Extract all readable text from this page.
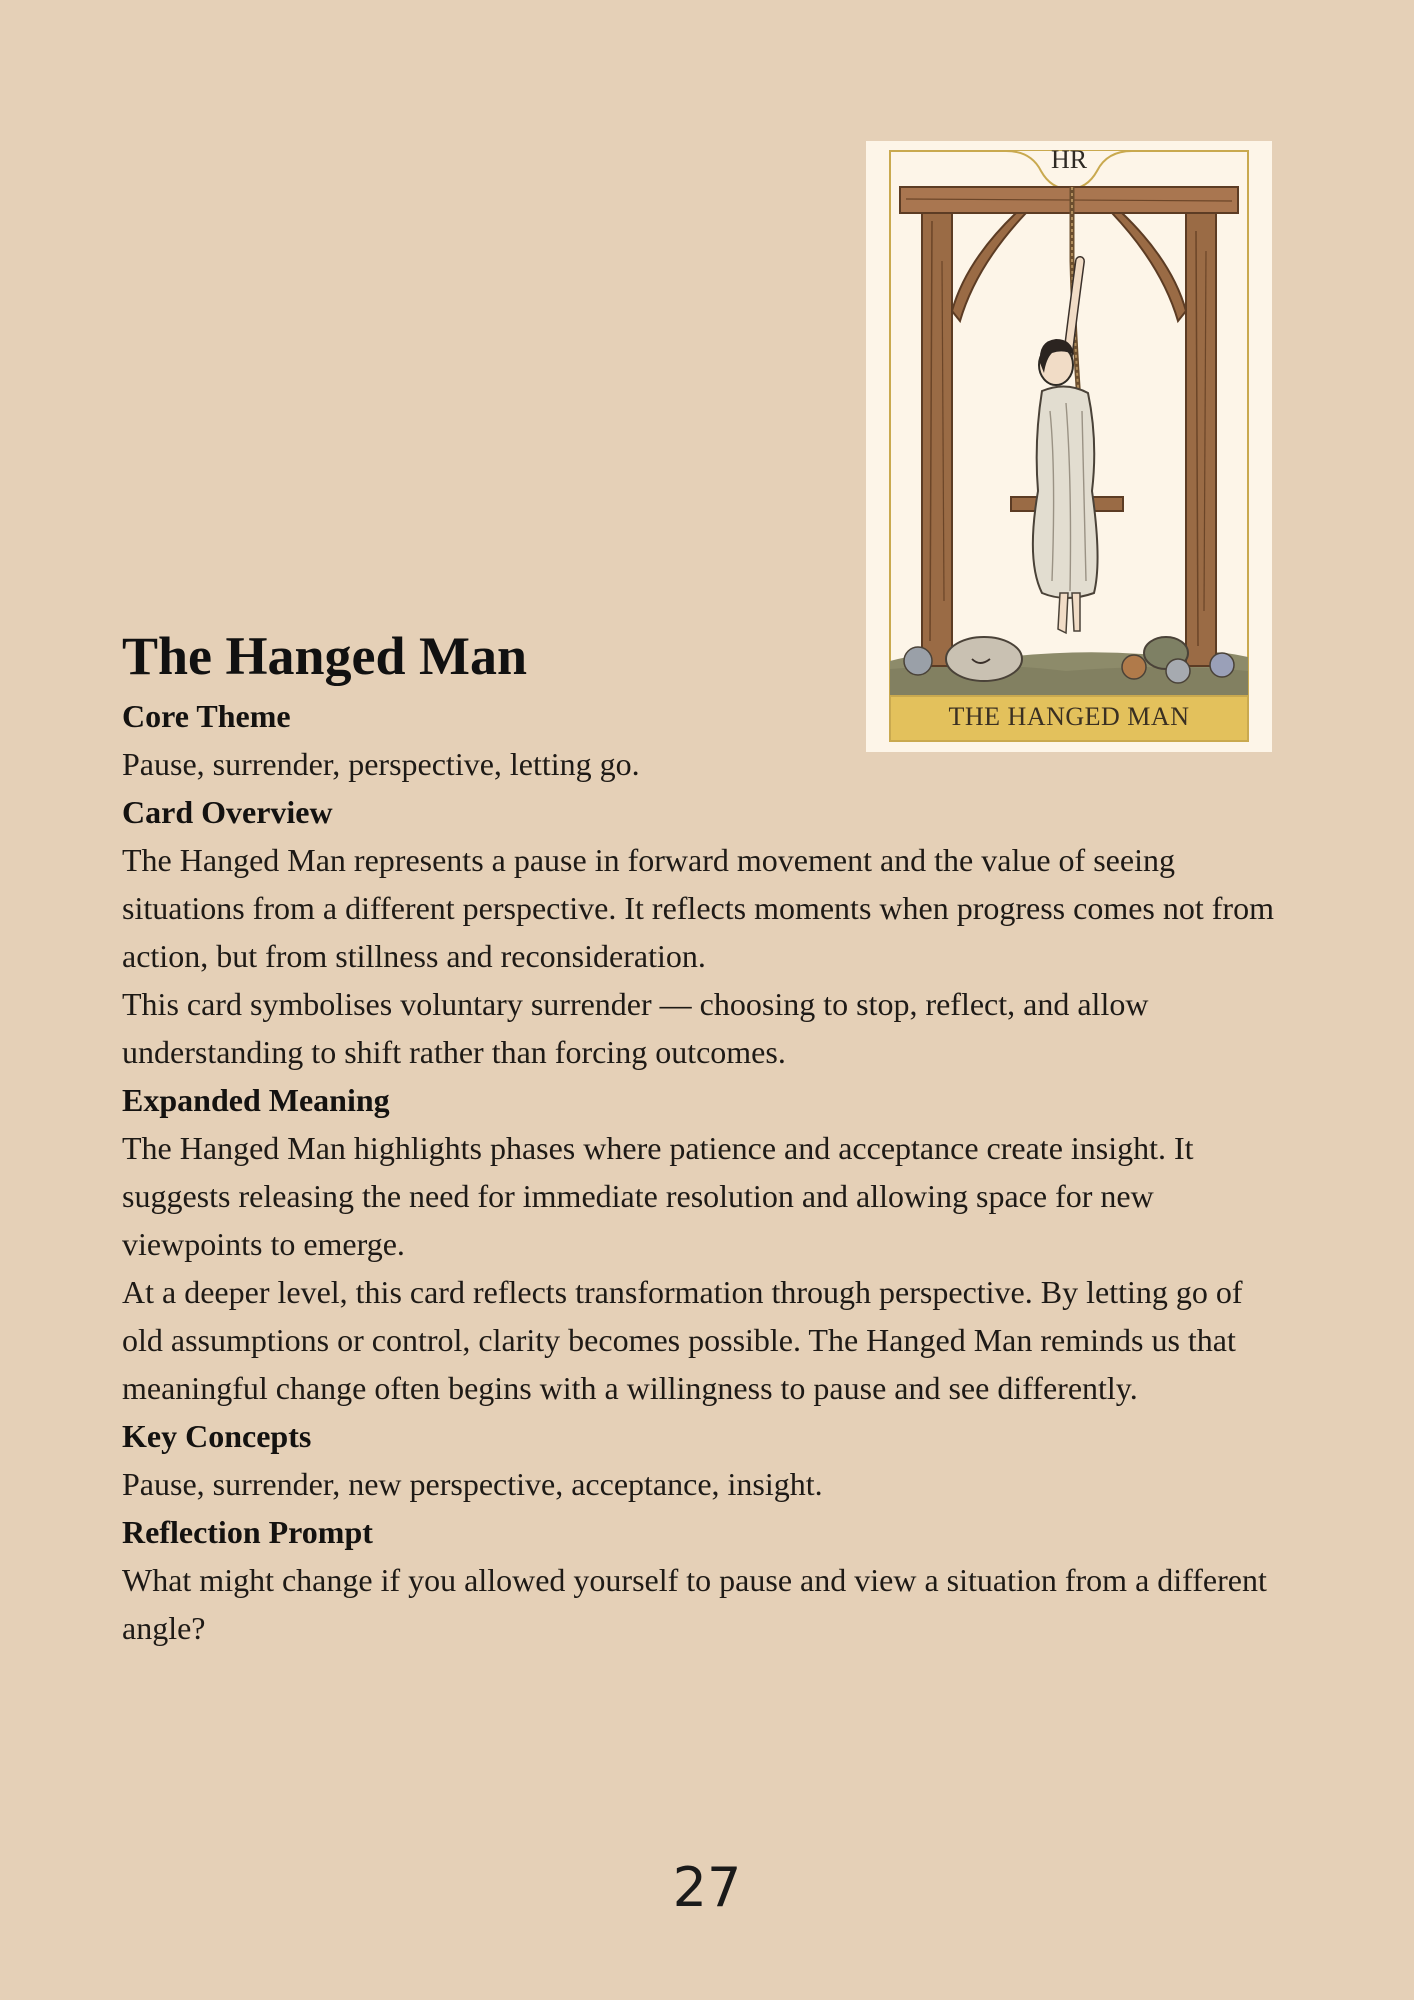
HR
THE HANGED MAN
The Hanged Man
Core Theme

Pause, surrender, perspective, letting go.

Card Overview

The Hanged Man represents a pause in forward movement and the value of seeing situations from a different perspective. It reflects moments when progress comes not from action, but from stillness and reconsideration.

This card symbolises voluntary surrender — choosing to stop, reflect, and allow understanding to shift rather than forcing outcomes.

Expanded Meaning

The Hanged Man highlights phases where patience and acceptance create insight. It suggests releasing the need for immediate resolution and allowing space for new viewpoints to emerge.

At a deeper level, this card reflects transformation through perspective. By letting go of old assumptions or control, clarity becomes possible. The Hanged Man reminds us that meaningful change often begins with a willingness to pause and see differently.

Key Concepts

Pause, surrender, new perspective, acceptance, insight.

Reflection Prompt

What might change if you allowed yourself to pause and view a situation from a different angle?

27
